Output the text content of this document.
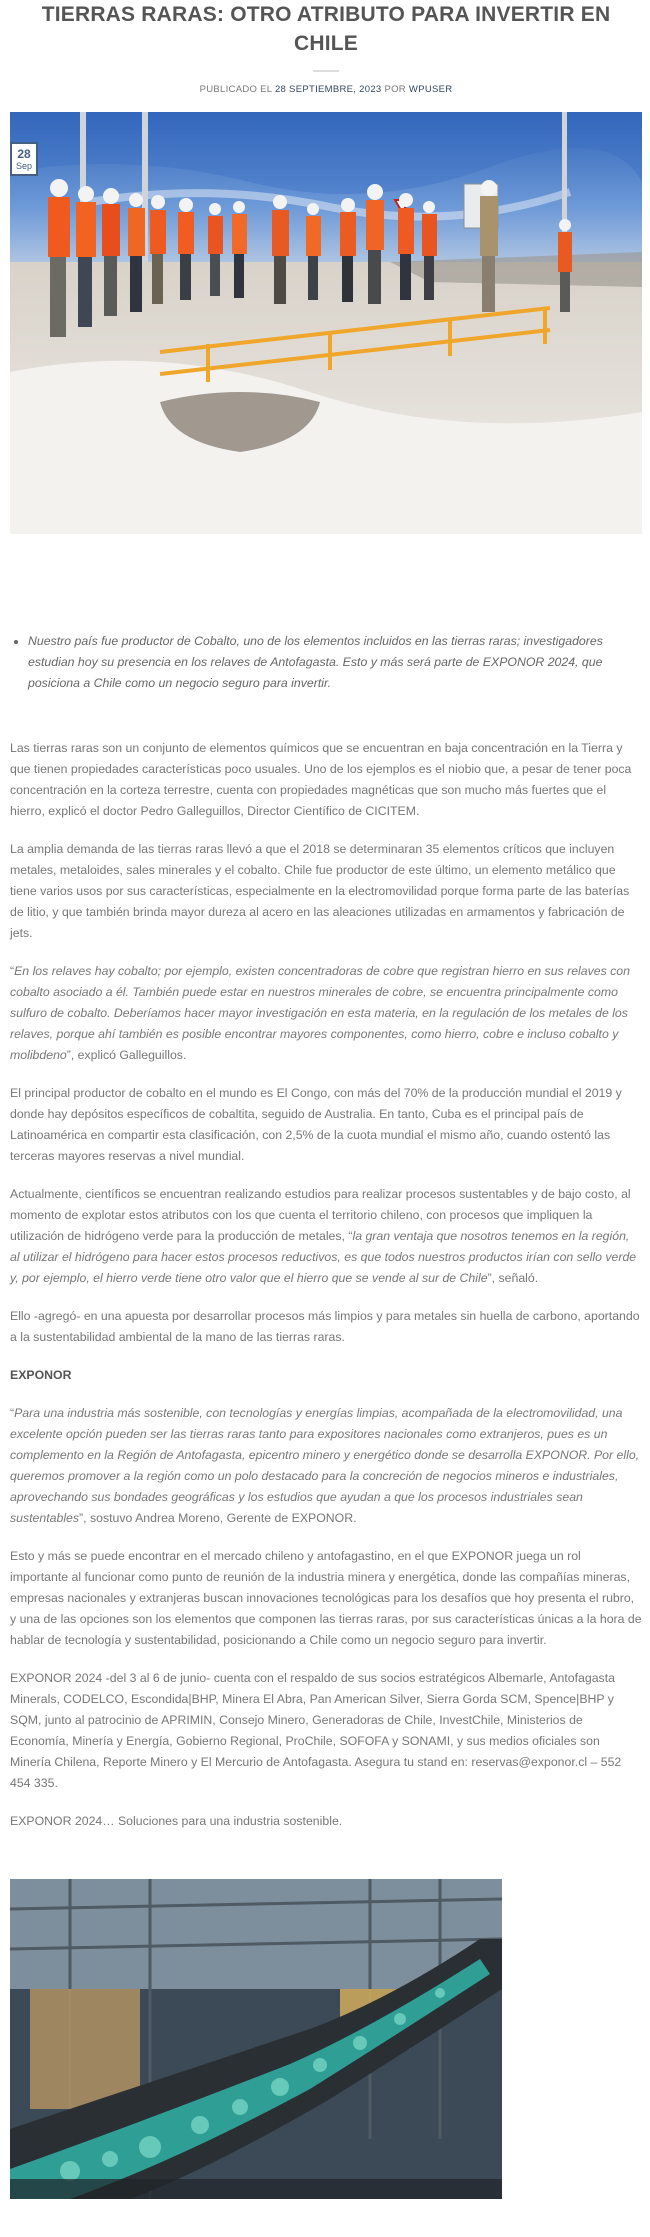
TIERRAS RARAS: OTRO ATRIBUTO PARA INVERTIR EN CHILE
PUBLICADO EL 28 SEPTIEMBRE, 2023 POR WPUSER
28
Sep
• Nuestro país fue productor de Cobalto, uno de los elementos incluidos en las tierras raras; investigadores estudian hoy su presencia en los relaves de Antofagasta. Esto y más será parte de EXPONOR 2024, que posiciona a Chile como un negocio seguro para invertir.

Las tierras raras son un conjunto de elementos químicos que se encuentran en baja concentración en la Tierra y que tienen propiedades características poco usuales. Uno de los ejemplos es el niobio que, a pesar de tener poca concentración en la corteza terrestre, cuenta con propiedades magnéticas que son mucho más fuertes que el hierro, explicó el doctor Pedro Galleguillos, Director Científico de CICITEM.

La amplia demanda de las tierras raras llevó a que el 2018 se determinaran 35 elementos críticos que incluyen metales, metaloides, sales minerales y el cobalto. Chile fue productor de este último, un elemento metálico que tiene varios usos por sus características, especialmente en la electromovilidad porque forma parte de las baterías de litio, y que también brinda mayor dureza al acero en las aleaciones utilizadas en armamentos y fabricación de jets.

“En los relaves hay cobalto; por ejemplo, existen concentradoras de cobre que registran hierro en sus relaves con cobalto asociado a él. También puede estar en nuestros minerales de cobre, se encuentra principalmente como sulfuro de cobalto. Deberíamos hacer mayor investigación en esta materia, en la regulación de los metales de los relaves, porque ahí también es posible encontrar mayores componentes, como hierro, cobre e incluso cobalto y molibdeno”, explicó Galleguillos.

El principal productor de cobalto en el mundo es El Congo, con más del 70% de la producción mundial el 2019 y donde hay depósitos específicos de cobaltita, seguido de Australia. En tanto, Cuba es el principal país de Latinoamérica en compartir esta clasificación, con 2,5% de la cuota mundial el mismo año, cuando ostentó las terceras mayores reservas a nivel mundial.

Actualmente, científicos se encuentran realizando estudios para realizar procesos sustentables y de bajo costo, al momento de explotar estos atributos con los que cuenta el territorio chileno, con procesos que impliquen la utilización de hidrógeno verde para la producción de metales, “la gran ventaja que nosotros tenemos en la región, al utilizar el hidrógeno para hacer estos procesos reductivos, es que todos nuestros productos irían con sello verde y, por ejemplo, el hierro verde tiene otro valor que el hierro que se vende al sur de Chile”, señaló.

Ello -agregó- en una apuesta por desarrollar procesos más limpios y para metales sin huella de carbono, aportando a la sustentabilidad ambiental de la mano de las tierras raras.

EXPONOR

“Para una industria más sostenible, con tecnologías y energías limpias, acompañada de la electromovilidad, una excelente opción pueden ser las tierras raras tanto para expositores nacionales como extranjeros, pues es un complemento en la Región de Antofagasta, epicentro minero y energético donde se desarrolla EXPONOR. Por ello, queremos promover a la región como un polo destacado para la concreción de negocios mineros e industriales, aprovechando sus bondades geográficas y los estudios que ayudan a que los procesos industriales sean sustentables”, sostuvo Andrea Moreno, Gerente de EXPONOR.

Esto y más se puede encontrar en el mercado chileno y antofagastino, en el que EXPONOR juega un rol importante al funcionar como punto de reunión de la industria minera y energética, donde las compañías mineras, empresas nacionales y extranjeras buscan innovaciones tecnológicas para los desafíos que hoy presenta el rubro, y una de las opciones son los elementos que componen las tierras raras, por sus características únicas a la hora de hablar de tecnología y sustentabilidad, posicionando a Chile como un negocio seguro para invertir.

EXPONOR 2024 -del 3 al 6 de junio- cuenta con el respaldo de sus socios estratégicos Albemarle, Antofagasta Minerals, CODELCO, Escondida|BHP, Minera El Abra, Pan American Silver, Sierra Gorda SCM, Spence|BHP y SQM, junto al patrocinio de APRIMIN, Consejo Minero, Generadoras de Chile, InvestChile, Ministerios de Economía, Minería y Energía, Gobierno Regional, ProChile, SOFOFA y SONAMI, y sus medios oficiales son Minería Chilena, Reporte Minero y El Mercurio de Antofagasta. Asegura tu stand en: reservas@exponor.cl – 552 454 335.

EXPONOR 2024… Soluciones para una industria sostenible.
